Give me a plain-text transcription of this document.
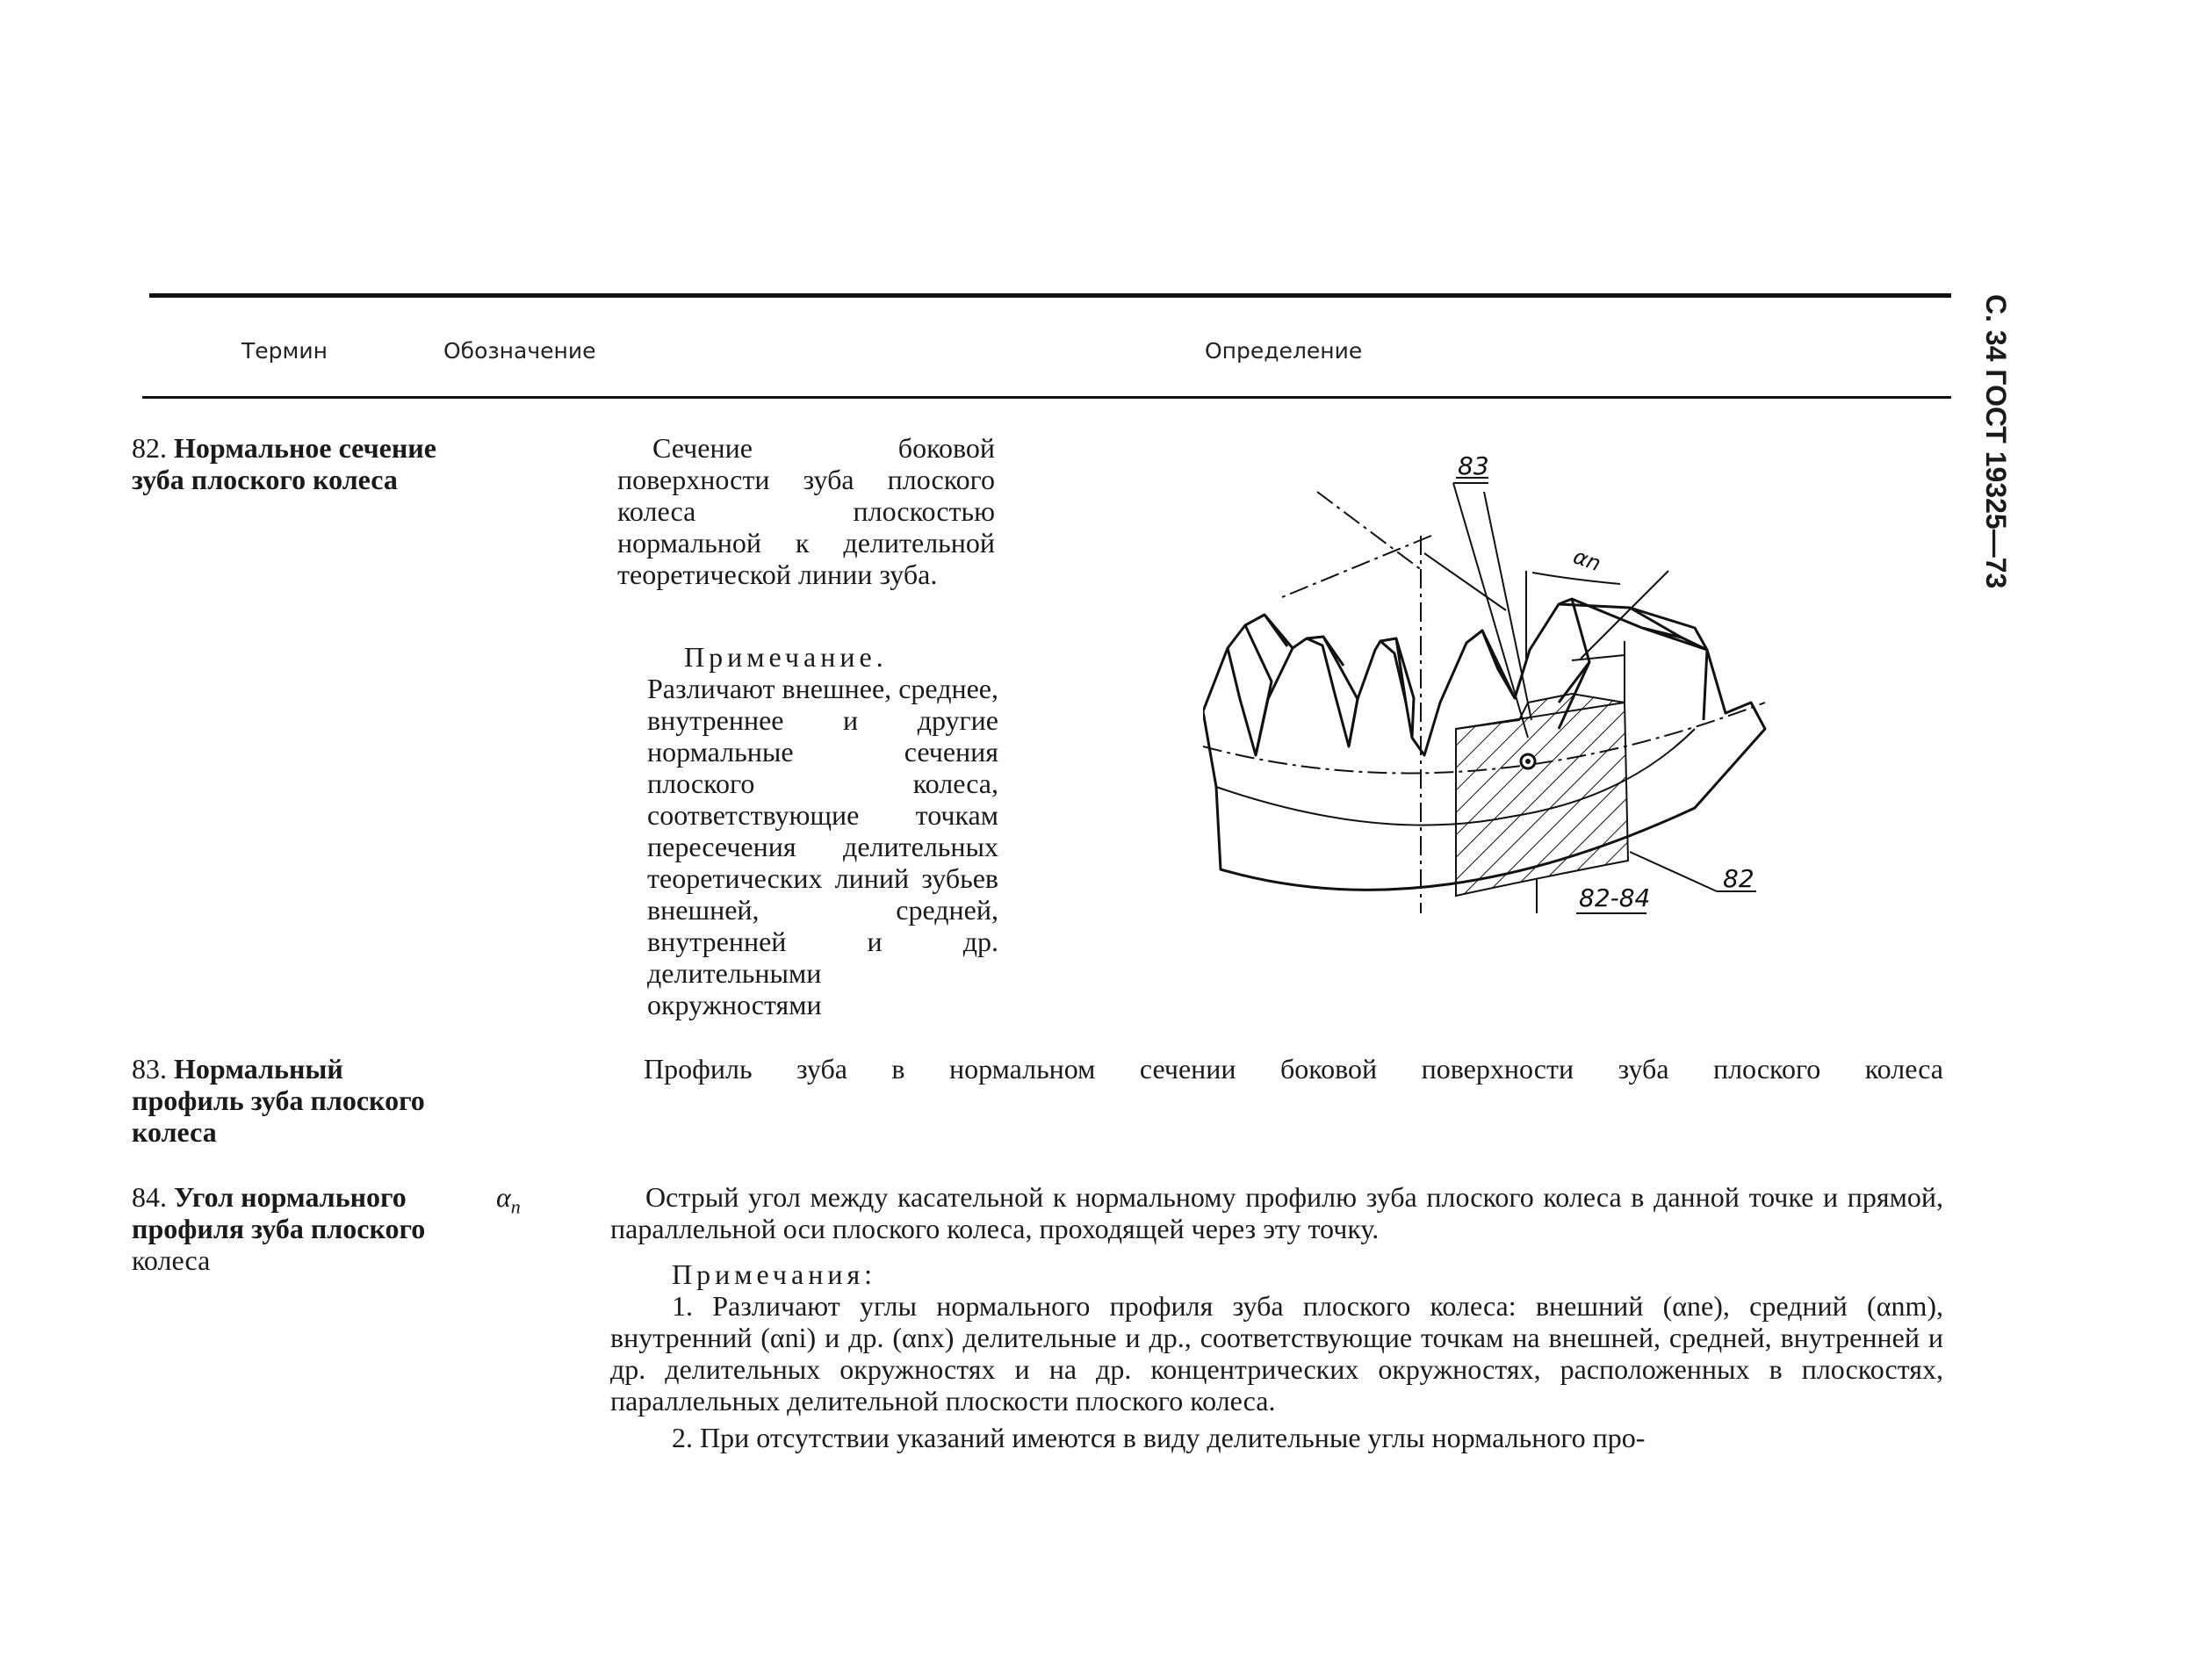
Термин	Обозначение	Определение	С. 34 ГОСТ 19325—73
82. Нормальное сечение зуба плоского колеса

Сечение боковой поверхности зуба плоского колеса плоскостью нормальной к делительной теоретической линии зуба.

Примечание.

Различают внешнее, среднее, внутреннее и другие нормальные сечения плоского колеса, соответствующие точкам пересечения делительных теоретических линий зубьев внешней, средней, внутренней и др. делительными окружностями

83
αn
82-84
82
83. Нормальный профиль зуба плоского колеса

Профиль зуба в нормальном сечении боковой поверхности зуба плоского колеса

84. Угол нормального профиля зуба плоского колеса
$\alpha_n$	Острый угол между касательной к нормальному профилю зуба плоского колеса в данной точке и прямой, параллельной оси плоского колеса, проходящей через эту точку.

Примечания:

1. Различают углы нормального профиля зуба плоского колеса: внешний (αne), средний (αnm), внутренний (αni) и др. (αnx) делительные и др., соответствующие точкам на внешней, средней, внутренней и др. делительных окружностях и на др. концентрических окружностях, расположенных в плоскостях, параллельных делительной плоскости плоского колеса.

2. При отсутствии указаний имеются в виду делительные углы нормального про-
